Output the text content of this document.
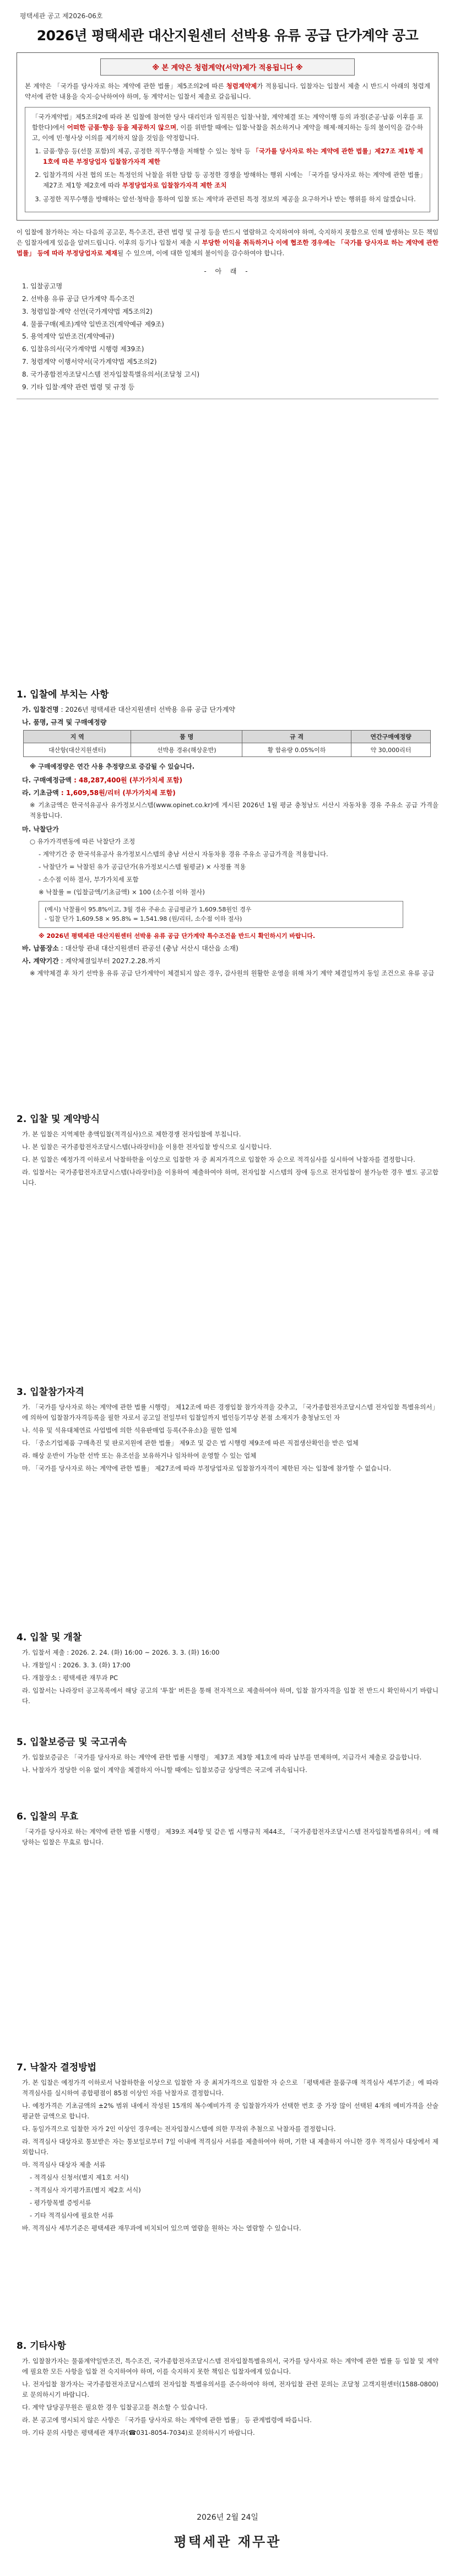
평택세관 공고 제2026-06호
2026년 평택세관 대산지원센터 선박용 유류 공급 단가계약 공고
※ 본 계약은 청렴계약(서약)제가 적용됩니다 ※

본 계약은 「국가를 당사자로 하는 계약에 관한 법률」제5조의2에 따른 청렴계약제가 적용됩니다. 입찰자는 입찰서 제출 시 반드시 아래의 청렴계약서에 관한 내용을 숙지·승낙하여야 하며, 동 계약서는 입찰서 제출로 갈음됩니다.

「국가계약법」제5조의2에 따라 본 입찰에 참여한 당사 대리인과 임직원은 입찰·낙찰, 계약체결 또는 계약이행 등의 과정(준공·납품 이후를 포함한다)에서 어떠한 금품·향응 등을 제공하지 않으며, 이를 위반할 때에는 입찰·낙찰을 취소하거나 계약을 해제·해지하는 등의 불이익을 감수하고, 이에 민·형사상 이의를 제기하지 않을 것임을 약정합니다.

1. 금품·향응 등(선물 포함)의 제공, 공정한 직무수행을 저해할 수 있는 청탁 등 「국가를 당사자로 하는 계약에 관한 법률」제27조 제1항 제1호에 따른 부정당업자 입찰참가자격 제한
2. 입찰가격의 사전 협의 또는 특정인의 낙찰을 위한 담합 등 공정한 경쟁을 방해하는 행위 시에는 「국가를 당사자로 하는 계약에 관한 법률」제27조 제1항 제2호에 따라 부정당업자로 입찰참가자격 제한 조치
3. 공정한 직무수행을 방해하는 알선·청탁을 통하여 입찰 또는 계약과 관련된 특정 정보의 제공을 요구하거나 받는 행위를 하지 않겠습니다.

이 입찰에 참가하는 자는 다음의 공고문, 특수조건, 관련 법령 및 규정 등을 반드시 열람하고 숙지하여야 하며, 숙지하지 못함으로 인해 발생하는 모든 책임은 입찰자에게 있음을 알려드립니다. 이후의 등기나 입찰서 제출 시 부당한 이익을 취득하거나 이에 협조한 경우에는 「국가를 당사자로 하는 계약에 관한 법률」 등에 따라 부정당업자로 제재될 수 있으며, 이에 대한 일체의 불이익을 감수하여야 합니다.

- 아 래 -
1. 입찰공고명
2. 선박용 유류 공급 단가계약 특수조건
3. 청렴입찰·계약 선언(국가계약법 제5조의2)
4. 물품구매(제조)계약 일반조건(계약예규 제9조)
5. 용역계약 일반조건(계약예규)
6. 입찰유의서(국가계약법 시행령 제39조)
7. 청렴계약 이행서약서(국가계약법 제5조의2)
8. 국가종합전자조달시스템 전자입찰특별유의서(조달청 고시)
9. 기타 입찰·계약 관련 법령 및 규정 등
1. 입찰에 부치는 사항
가. 입찰건명 : 2026년 평택세관 대산지원센터 선박용 유류 공급 단가계약
나. 품명, 규격 및 구매예정량
지 역	품 명	규 격	연간구매예정량
대산항(대산지원센터)	선박용 경유(해상운반)	황 함유량 0.05%이하	약 30,000리터
※ 구매예정량은 연간 사용 추정량으로 증감될 수 있습니다.
다. 구매예정금액 : 48,287,400원 (부가가치세 포함)
라. 기초금액 : 1,609,58원/리터 (부가가치세 포함)
※ 기초금액은 한국석유공사 유가정보시스템(www.opinet.co.kr)에 게시된 2026년 1월 평균 충청남도 서산시 자동차용 경유 주유소 공급 가격을 적용합니다.
마. 낙찰단가
○ 유가가격변동에 따른 낙찰단가 조정
- 계약기간 중 한국석유공사 유가정보시스템의 충남 서산시 자동차용 경유 주유소 공급가격을 적용합니다.
- 낙찰단가 = 낙찰된 유가 공급단가(유가정보시스템 월평균) × 사정률 적용
- 소수점 이하 절사, 부가가치세 포함
※ 낙찰률 = (입찰금액/기초금액) × 100 (소수점 이하 절사)
(예시) 낙찰률이 95.8%이고, 3월 경유 주유소 공급평균가 1,609.58원인 경우
- 입찰 단가 1,609.58 × 95.8% = 1,541.98 (원/리터, 소수점 이하 절사)
※ 2026년 평택세관 대산지원센터 선박용 유류 공급 단가계약 특수조건을 반드시 확인하시기 바랍니다.
바. 납품장소 : 대산항 관내 대산지원센터 관공선 (충남 서산시 대산읍 소재)
사. 계약기간 : 계약체결일부터 2027.2.28.까지
※ 계약체결 후 차기 선박용 유류 공급 단가계약이 체결되지 않은 경우, 감사원의 원활한 운영을 위해 차기 계약 체결일까지 동일 조건으로 유류 공급
2. 입찰 및 계약방식
가. 본 입찰은 지역제한 총액입찰(적격심사)으로 제한경쟁 전자입찰에 부칩니다.
나. 본 입찰은 국가종합전자조달시스템(나라장터)을 이용한 전자입찰 방식으로 실시합니다.
다. 본 입찰은 예정가격 이하로서 낙찰하한율 이상으로 입찰한 자 중 최저가격으로 입찰한 자 순으로 적격심사를 실시하여 낙찰자를 결정합니다.
라. 입찰서는 국가종합전자조달시스템(나라장터)을 이용하여 제출하여야 하며, 전자입찰 시스템의 장애 등으로 전자입찰이 불가능한 경우 별도 공고합니다.
3. 입찰참가자격
가. 「국가를 당사자로 하는 계약에 관한 법률 시행령」 제12조에 따른 경쟁입찰 참가자격을 갖추고, 「국가종합전자조달시스템 전자입찰 특별유의서」에 의하여 입찰참가자격등록을 필한 자로서 공고일 전일부터 입찰일까지 법인등기부상 본점 소재지가 충청남도인 자
나. 석유 및 석유대체연료 사업법에 의한 석유판매업 등록(주유소)을 필한 업체
다. 「중소기업제품 구매촉진 및 판로지원에 관한 법률」 제9조 및 같은 법 시행령 제9조에 따른 직접생산확인을 받은 업체
라. 해상 운반이 가능한 선박 또는 유조선을 보유하거나 임차하여 운영할 수 있는 업체
마. 「국가를 당사자로 하는 계약에 관한 법률」 제27조에 따라 부정당업자로 입찰참가자격이 제한된 자는 입찰에 참가할 수 없습니다.
4. 입찰 및 개찰
가. 입찰서 제출 : 2026. 2. 24. (화) 16:00 ~ 2026. 3. 3. (화) 16:00
나. 개찰일시 : 2026. 3. 3. (화) 17:00
다. 개찰장소 : 평택세관 재무과 PC
라. 입찰서는 나라장터 공고목록에서 해당 공고의 '투찰' 버튼을 통해 전자적으로 제출하여야 하며, 입찰 참가자격을 입찰 전 반드시 확인하시기 바랍니다.
5. 입찰보증금 및 국고귀속
가. 입찰보증금은 「국가를 당사자로 하는 계약에 관한 법률 시행령」 제37조 제3항 제1호에 따라 납부를 면제하며, 지급각서 제출로 갈음합니다.
나. 낙찰자가 정당한 이유 없이 계약을 체결하지 아니할 때에는 입찰보증금 상당액은 국고에 귀속됩니다.
6. 입찰의 무효
「국가를 당사자로 하는 계약에 관한 법률 시행령」 제39조 제4항 및 같은 법 시행규칙 제44조, 「국가종합전자조달시스템 전자입찰특별유의서」에 해당하는 입찰은 무효로 합니다.
7. 낙찰자 결정방법
가. 본 입찰은 예정가격 이하로서 낙찰하한율 이상으로 입찰한 자 중 최저가격으로 입찰한 자 순으로 「평택세관 물품구매 적격심사 세부기준」에 따라 적격심사를 실시하여 종합평점이 85점 이상인 자를 낙찰자로 결정합니다.
나. 예정가격은 기초금액의 ±2% 범위 내에서 작성된 15개의 복수예비가격 중 입찰참가자가 선택한 번호 중 가장 많이 선택된 4개의 예비가격을 산술평균한 금액으로 합니다.
다. 동일가격으로 입찰한 자가 2인 이상인 경우에는 전자입찰시스템에 의한 무작위 추첨으로 낙찰자를 결정합니다.
라. 적격심사 대상자로 통보받은 자는 통보일로부터 7일 이내에 적격심사 서류를 제출하여야 하며, 기한 내 제출하지 아니한 경우 적격심사 대상에서 제외합니다.
마. 적격심사 대상자 제출 서류
- 적격심사 신청서(별지 제1호 서식)
- 적격심사 자기평가표(별지 제2호 서식)
- 평가항목별 증빙서류
- 기타 적격심사에 필요한 서류
바. 적격심사 세부기준은 평택세관 재무과에 비치되어 있으며 열람을 원하는 자는 열람할 수 있습니다.
8. 기타사항
가. 입찰참가자는 물품계약일반조건, 특수조건, 국가종합전자조달시스템 전자입찰특별유의서, 국가를 당사자로 하는 계약에 관한 법률 등 입찰 및 계약에 필요한 모든 사항을 입찰 전 숙지하여야 하며, 이를 숙지하지 못한 책임은 입찰자에게 있습니다.
나. 전자입찰 참가자는 국가종합전자조달시스템의 전자입찰 특별유의서를 준수하여야 하며, 전자입찰 관련 문의는 조달청 고객지원센터(1588-0800)로 문의하시기 바랍니다.
다. 계약 담당공무원은 필요한 경우 입찰공고를 취소할 수 있습니다.
라. 본 공고에 명시되지 않은 사항은 「국가를 당사자로 하는 계약에 관한 법률」 등 관계법령에 따릅니다.
마. 기타 문의 사항은 평택세관 재무과(☎031-8054-7034)로 문의하시기 바랍니다.
2026년 2월 24일
평택세관 재무관
